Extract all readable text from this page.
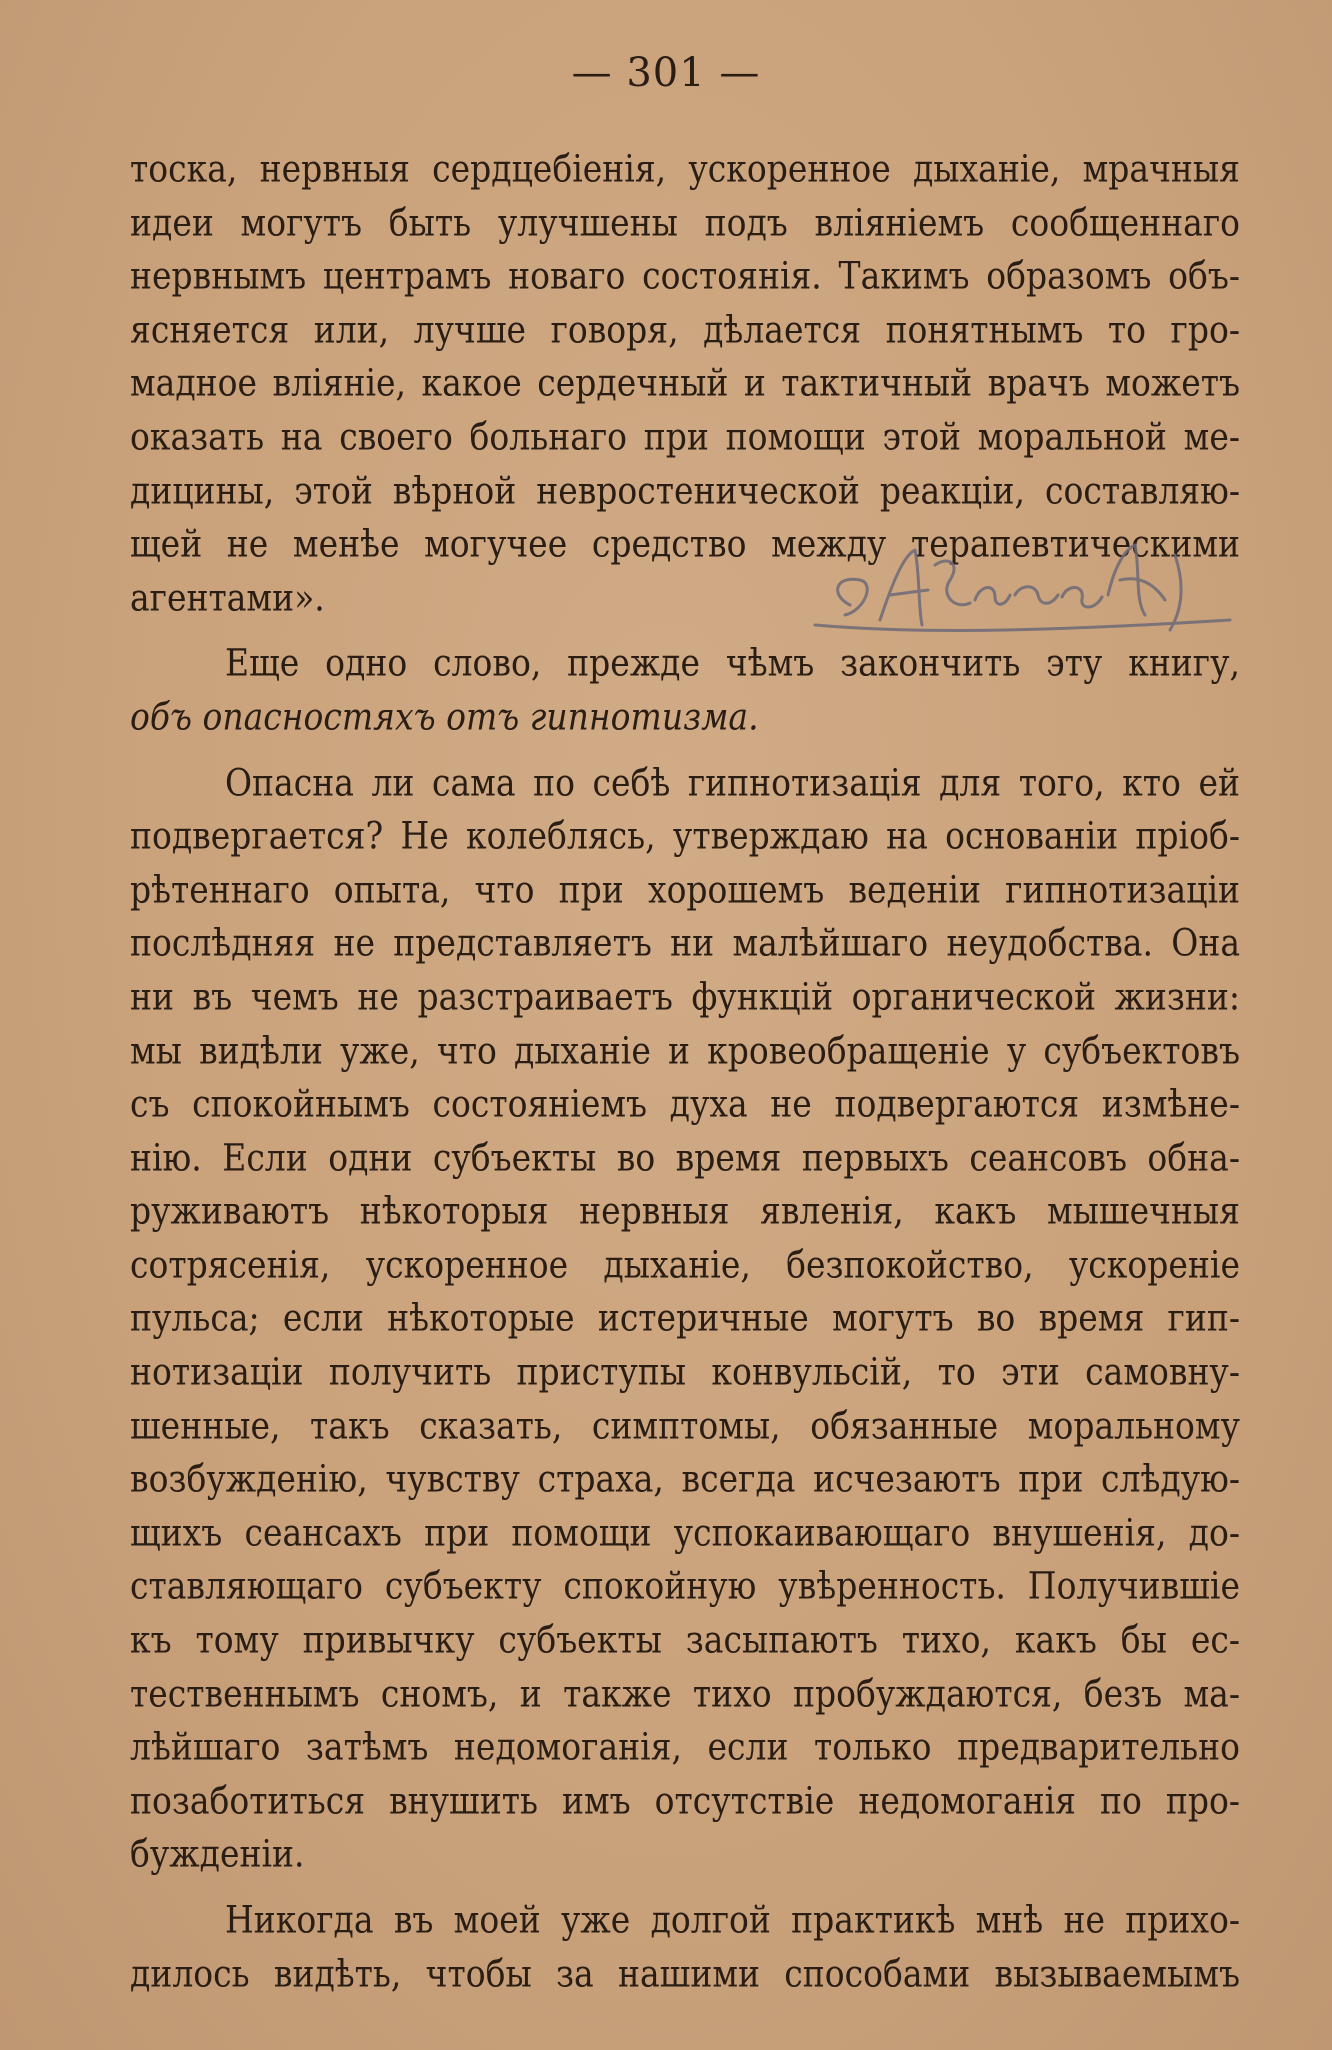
— 301 —
тоска, нервныя сердцебіенія, ускоренное дыханіе, мрачныя
идеи могутъ быть улучшены подъ вліяніемъ сообщеннаго
нервнымъ центрамъ новаго состоянія. Такимъ образомъ объ-
ясняется или, лучше говоря, дѣлается понятнымъ то гро-
мадное вліяніе, какое сердечный и тактичный врачъ можетъ
оказать на своего больнаго при помощи этой моральной ме-
дицины, этой вѣрной невростенической реакціи, составляю-
щей не менѣе могучее средство между терапевтическими
агентами».
Еще одно слово, прежде чѣмъ закончить эту книгу,
объ опасностяхъ отъ гипнотизма.
Опасна ли сама по себѣ гипнотизація для того, кто ей
подвергается? Не колеблясь, утверждаю на основаніи пріоб-
рѣтеннаго опыта, что при хорошемъ веденіи гипнотизаціи
послѣдняя не представляетъ ни малѣйшаго неудобства. Она
ни въ чемъ не разстраиваетъ функцій органической жизни:
мы видѣли уже, что дыханіе и кровеобращеніе у субъектовъ
съ спокойнымъ состояніемъ духа не подвергаются измѣне-
нію. Если одни субъекты во время первыхъ сеансовъ обна-
руживаютъ нѣкоторыя нервныя явленія, какъ мышечныя
сотрясенія, ускоренное дыханіе, безпокойство, ускореніе
пульса; если нѣкоторые истеричные могутъ во время гип-
нотизаціи получить приступы конвульсій, то эти самовну-
шенные, такъ сказать, симптомы, обязанные моральному
возбужденію, чувству страха, всегда исчезаютъ при слѣдую-
щихъ сеансахъ при помощи успокаивающаго внушенія, до-
ставляющаго субъекту спокойную увѣренность. Получившіе
къ тому привычку субъекты засыпаютъ тихо, какъ бы ес-
тественнымъ сномъ, и также тихо пробуждаются, безъ ма-
лѣйшаго затѣмъ недомоганія, если только предварительно
позаботиться внушить имъ отсутствіе недомоганія по про-
бужденіи.
Никогда въ моей уже долгой практикѣ мнѣ не прихо-
дилось видѣть, чтобы за нашими способами вызываемымъ
